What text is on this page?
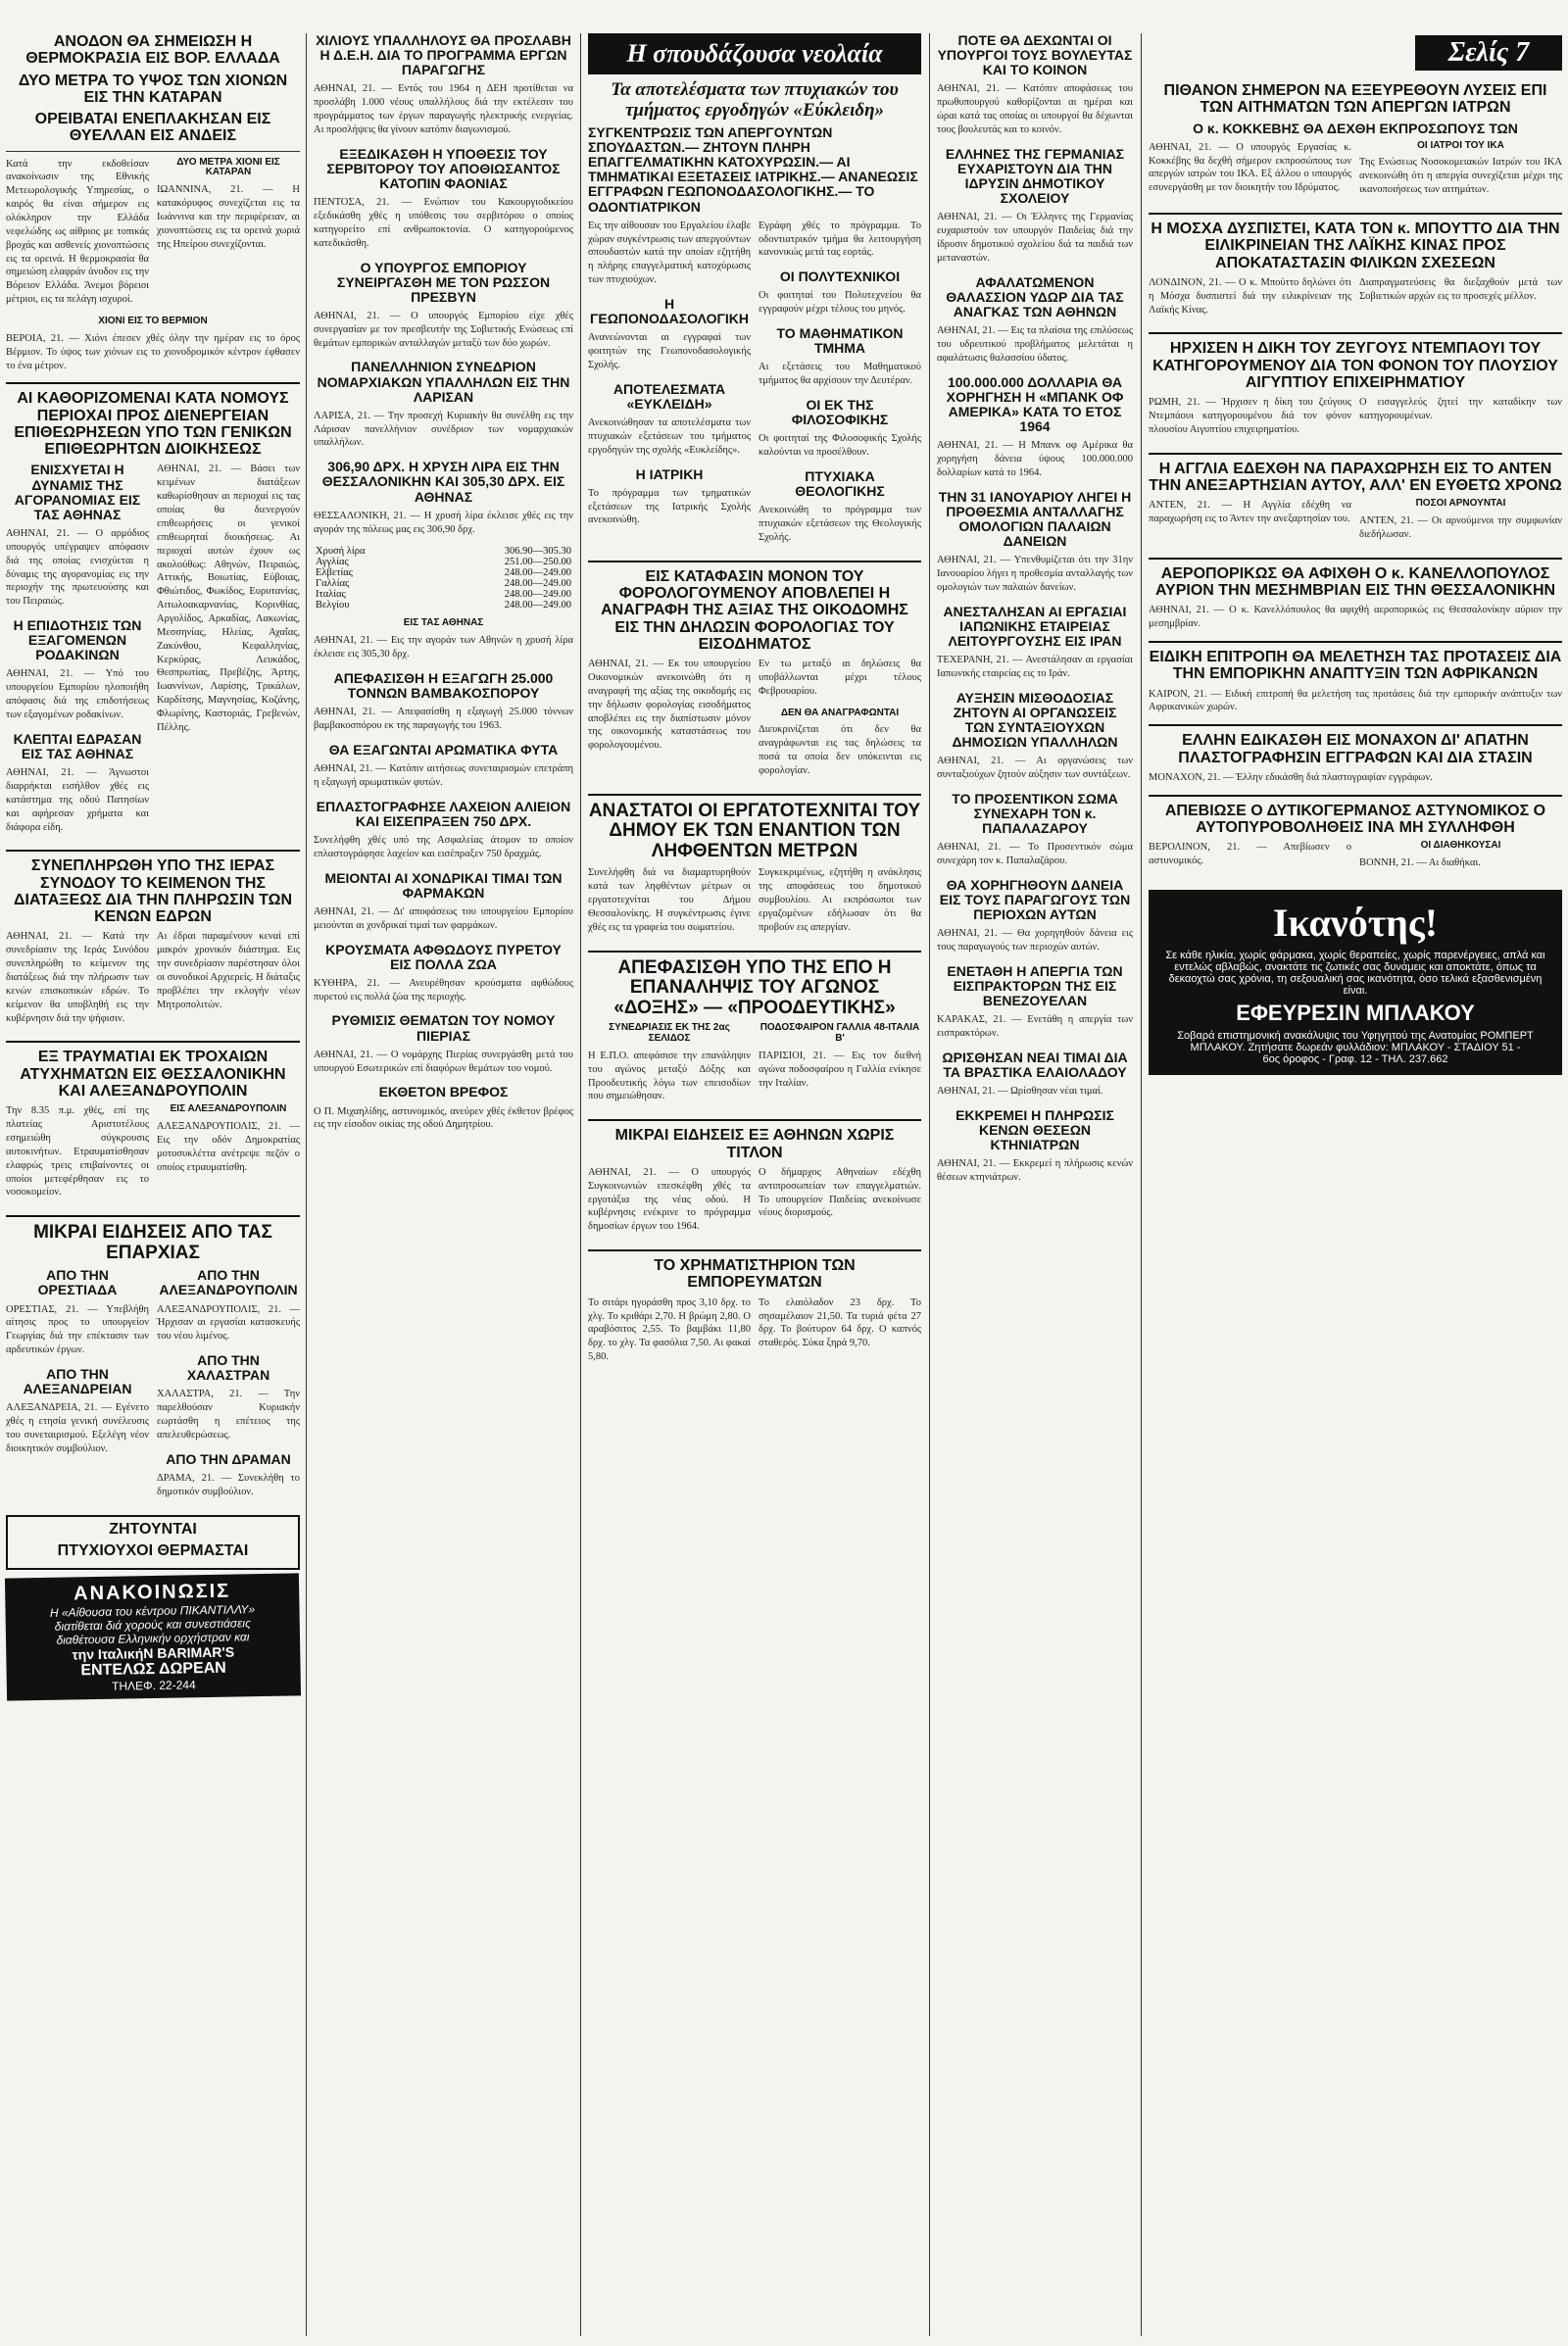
ΑΝΟΔΟΝ ΘΑ ΣΗΜΕΙΩΣΗ Η ΘΕΡΜΟΚΡΑΣΙΑ ΕΙΣ ΒΟΡ. ΕΛΛΑΔΑ
ΔΥΟ ΜΕΤΡΑ ΤΟ ΥΨΟΣ ΤΩΝ ΧΙΟΝΩΝ ΕΙΣ ΤΗΝ ΚΑΤΑΡΑΝ
ΟΡΕΙΒΑΤΑΙ ΕΝΕΠΛΑΚΗΣΑΝ ΕΙΣ ΘΥΕΛΛΑΝ ΕΙΣ ΑΝΔΕΙΣ

Κατά την εκδοθείσαν ανακοίνωσιν της Εθνικής Μετεωρολογικής Υπηρεσίας, ο καιρός θα είναι σήμερον εις ολόκληρον την Ελλάδα νεφελώδης ως αίθριος με τοπικάς βροχάς και ασθενείς χιονοπτώσεις εις τα ορεινά. Η θερμοκρασία θα σημειώση ελαφράν άνοδον εις την Βόρειον Ελλάδα. Άνεμοι βόρειοι μέτριοι, εις τα πελάγη ισχυροί.

ΔΥΟ ΜΕΤΡΑ ΧΙΟΝΙ ΕΙΣ ΚΑΤΑΡΑΝ

ΙΩΑΝΝΙΝΑ, 21. — Η κατακόρυφος συνεχίζεται εις τα Ιωάννινα και την περιφέρειαν, αι χιονοπτώσεις εις τα ορεινά χωριά της Ηπείρου συνεχίζονται.

ΧΙΟΝΙ ΕΙΣ ΤΟ ΒΕΡΜΙΟΝ

ΒΕΡΟΙΑ, 21. — Χιόνι έπεσεν χθές όλην την ημέραν εις το όρος Βέρμιον. Το ύψος των χιόνων εις το χιονοδρομικόν κέντρον έφθασεν το ένα μέτρον.

ΑΙ ΚΑΘΟΡΙΖΟΜΕΝΑΙ ΚΑΤΑ ΝΟΜΟΥΣ ΠΕΡΙΟΧΑΙ ΠΡΟΣ ΔΙΕΝΕΡΓΕΙΑΝ ΕΠΙΘΕΩΡΗΣΕΩΝ ΥΠΟ ΤΩΝ ΓΕΝΙΚΩΝ ΕΠΙΘΕΩΡΗΤΩΝ ΔΙΟΙΚΗΣΕΩΣ
ΕΝΙΣΧΥΕΤΑΙ Η ΔΥΝΑΜΙΣ ΤΗΣ ΑΓΟΡΑΝΟΜΙΑΣ ΕΙΣ ΤΑΣ ΑΘΗΝΑΣ

ΑΘΗΝΑΙ, 21. — Ο αρμόδιος υπουργός υπέγραψεν απόφασιν διά της οποίας ενισχύεται η δύναμις της αγορανομίας εις την περιοχήν της πρωτευούσης και του Πειραιώς.

Η ΕΠΙΔΟΤΗΣΙΣ ΤΩΝ ΕΞΑΓΟΜΕΝΩΝ ΡΟΔΑΚΙΝΩΝ

ΑΘΗΝΑΙ, 21. — Υπό του υπουργείου Εμπορίου ηλοποιήθη απόφασις διά της επιδοτήσεως των εξαγομένων ροδακίνων.

ΚΛΕΠΤΑΙ ΕΔΡΑΣΑΝ ΕΙΣ ΤΑΣ ΑΘΗΝΑΣ

ΑΘΗΝΑΙ, 21. — Άγνωστοι διαρρήκται εισήλθον χθές εις κατάστημα της οδού Πατησίων και αφήρεσαν χρήματα και διάφορα είδη.

ΑΘΗΝΑΙ, 21. — Βάσει των κειμένων διατάξεων καθωρίσθησαν αι περιοχαί εις τας οποίας θα διενεργούν επιθεωρήσεις οι γενικοί επιθεωρηταί διοικήσεως. Αι περιοχαί αυτών έχουν ως ακολούθως: Αθηνών, Πειραιώς, Αττικής, Βοιωτίας, Εύβοιας, Φθιώτιδος, Φωκίδος, Ευρυτανίας, Αιτωλοακαρνανίας, Κορινθίας, Αργολίδος, Αρκαδίας, Λακωνίας, Μεσσηνίας, Ηλείας, Αχαΐας, Ζακύνθου, Κεφαλληνίας, Κερκύρας, Λευκάδος, Θεσπρωτίας, Πρεβέζης, Άρτης, Ιωαννίνων, Λαρίσης, Τρικάλων, Καρδίτσης, Μαγνησίας, Κοζάνης, Φλωρίνης, Καστοριάς, Γρεβενών, Πέλλης.

ΣΥΝΕΠΛΗΡΩΘΗ ΥΠΟ ΤΗΣ ΙΕΡΑΣ ΣΥΝΟΔΟΥ ΤΟ ΚΕΙΜΕΝΟΝ ΤΗΣ ΔΙΑΤΑΞΕΩΣ ΔΙΑ ΤΗΝ ΠΛΗΡΩΣΙΝ ΤΩΝ ΚΕΝΩΝ ΕΔΡΩΝ

ΑΘΗΝΑΙ, 21. — Κατά την συνεδρίασιν της Ιεράς Συνόδου συνεπληρώθη το κείμενον της διατάξεως διά την πλήρωσιν των κενών επισκοπικών εδρών. Το κείμενον θα υποβληθή εις την κυβέρνησιν διά την ψήφισιν.

Αι έδραι παραμένουν κεναί επί μακρόν χρονικόν διάστημα. Εις την συνεδρίασιν παρέστησαν όλοι οι συνοδικοί Αρχιερείς. Η διάταξις προβλέπει την εκλογήν νέων Μητροπολιτών.

ΕΞ ΤΡΑΥΜΑΤΙΑΙ ΕΚ ΤΡΟΧΑΙΩΝ ΑΤΥΧΗΜΑΤΩΝ ΕΙΣ ΘΕΣΣΑΛΟΝΙΚΗΝ ΚΑΙ ΑΛΕΞΑΝΔΡΟΥΠΟΛΙΝ

Την 8.35 π.μ. χθές, επί της πλατείας Αριστοτέλους εσημειώθη σύγκρουσις αυτοκινήτων. Ετραυματίσθησαν ελαφρώς τρεις επιβαίνοντες οι οποίοι μετεφέρθησαν εις το νοσοκομείον.

ΕΙΣ ΑΛΕΞΑΝΔΡΟΥΠΟΛΙΝ

ΑΛΕΞΑΝΔΡΟΥΠΟΛΙΣ, 21. — Εις την οδόν Δημοκρατίας μοτοσυκλέττα ανέτρεψε πεζόν ο οποίος ετραυματίσθη.

ΜΙΚΡΑΙ ΕΙΔΗΣΕΙΣ ΑΠΟ ΤΑΣ ΕΠΑΡΧΙΑΣ
ΑΠΟ ΤΗΝ ΟΡΕΣΤΙΑΔΑ

ΟΡΕΣΤΙΑΣ, 21. — Υπεβλήθη αίτησις προς το υπουργείον Γεωργίας διά την επέκτασιν των αρδευτικών έργων.

ΑΠΟ ΤΗΝ ΑΛΕΞΑΝΔΡΕΙΑΝ

ΑΛΕΞΑΝΔΡΕΙΑ, 21. — Εγένετο χθές η ετησία γενική συνέλευσις του συνεταιρισμού. Εξελέγη νέον διοικητικόν συμβούλιον.

ΑΠΟ ΤΗΝ ΑΛΕΞΑΝΔΡΟΥΠΟΛΙΝ

ΑΛΕΞΑΝΔΡΟΥΠΟΛΙΣ, 21. — Ήρχισαν αι εργασίαι κατασκευής του νέου λιμένος.

ΑΠΟ ΤΗΝ ΧΑΛΑΣΤΡΑΝ

ΧΑΛΑΣΤΡΑ, 21. — Την παρελθούσαν Κυριακήν εωρτάσθη η επέτειος της απελευθερώσεως.

ΑΠΟ ΤΗΝ ΔΡΑΜΑΝ

ΔΡΑΜΑ, 21. — Συνεκλήθη το δημοτικόν συμβούλιον.

ΖΗΤΟΥΝΤΑΙ
ΠΤΥΧΙΟΥΧΟΙ ΘΕΡΜΑΣΤΑΙ
ΑΝΑΚΟΙΝΩΣΙΣ
Η «Αίθουσα του κέντρου ΠΙΚΑΝΤΙΛΛΥ»
διατίθεται διά χορούς και συνεστιάσεις
διαθέτουσα Ελληνικήν ορχήστραν και
την ΙταλικήΝ BARIMAR'S
ΕΝΤΕΛΩΣ ΔΩΡΕΑΝ
ΤΗΛΕΦ. 22-244
ΧΙΛΙΟΥΣ ΥΠΑΛΛΗΛΟΥΣ ΘΑ ΠΡΟΣΛΑΒΗ Η Δ.Ε.Η. ΔΙΑ ΤΟ ΠΡΟΓΡΑΜΜΑ ΕΡΓΩΝ ΠΑΡΑΓΩΓΗΣ

ΑΘΗΝΑΙ, 21. — Εντός του 1964 η ΔΕΗ προτίθεται να προσλάβη 1.000 νέους υπαλλήλους διά την εκτέλεσιν του προγράμματος των έργων παραγωγής ηλεκτρικής ενεργείας. Αι προσλήψεις θα γίνουν κατόπιν διαγωνισμού.

ΕΞΕΔΙΚΑΣΘΗ Η ΥΠΟΘΕΣΙΣ ΤΟΥ ΣΕΡΒΙΤΟΡΟΥ ΤΟΥ ΑΠΟΘΙΩΣΑΝΤΟΣ ΚΑΤΟΠΙΝ ΦΑΟΝΙΑΣ

ΠΕΝΤΟΣΑ, 21. — Ενώπιον του Κακουργιοδικείου εξεδικάσθη χθές η υπόθεσις του σερβιτόρου ο οποίος κατηγορείτο επί ανθρωποκτονία. Ο κατηγορούμενος κατεδικάσθη.

Ο ΥΠΟΥΡΓΟΣ ΕΜΠΟΡΙΟΥ ΣΥΝΕΙΡΓΑΣΘΗ ΜΕ ΤΟΝ ΡΩΣΣΟΝ ΠΡΕΣΒΥΝ

ΑΘΗΝΑΙ, 21. — Ο υπουργός Εμπορίου είχε χθές συνεργασίαν με τον πρεσβευτήν της Σοβιετικής Ενώσεως επί θεμάτων εμπορικών ανταλλαγών μεταξύ των δύο χωρών.

ΠΑΝΕΛΛΗΝΙΟΝ ΣΥΝΕΔΡΙΟΝ ΝΟΜΑΡΧΙΑΚΩΝ ΥΠΑΛΛΗΛΩΝ ΕΙΣ ΤΗΝ ΛΑΡΙΣΑΝ

ΛΑΡΙΣΑ, 21. — Την προσεχή Κυριακήν θα συνέλθη εις την Λάρισαν πανελλήνιον συνέδριον των νομαρχιακών υπαλλήλων.

306,90 ΔΡΧ. Η ΧΡΥΣΗ ΛΙΡΑ ΕΙΣ ΤΗΝ ΘΕΣΣΑΛΟΝΙΚΗΝ ΚΑΙ 305,30 ΔΡΧ. ΕΙΣ ΑΘΗΝΑΣ

ΘΕΣΣΑΛΟΝΙΚΗ, 21. — Η χρυσή λίρα έκλεισε χθές εις την αγοράν της πόλεως μας εις 306,90 δρχ.

Χρυσή λίρα	306.90—305.30
Αγγλίας	251.00—250.00
Ελβετίας	248.00—249.00
Γαλλίας	248.00—249.00
Ιταλίας	248.00—249.00
Βελγίου	248.00—249.00
ΕΙΣ ΤΑΣ ΑΘΗΝΑΣ

ΑΘΗΝΑΙ, 21. — Εις την αγοράν των Αθηνών η χρυσή λίρα έκλεισε εις 305,30 δρχ.

ΑΠΕΦΑΣΙΣΘΗ Η ΕΞΑΓΩΓΗ 25.000 ΤΟΝΝΩΝ ΒΑΜΒΑΚΟΣΠΟΡΟΥ

ΑΘΗΝΑΙ, 21. — Απεφασίσθη η εξαγωγή 25.000 τόννων βαμβακοσπόρου εκ της παραγωγής του 1963.

ΘΑ ΕΞΑΓΩΝΤΑΙ ΑΡΩΜΑΤΙΚΑ ΦΥΤΑ

ΑΘΗΝΑΙ, 21. — Κατόπιν αιτήσεως συνεταιρισμών επετράπη η εξαγωγή αρωματικών φυτών.

ΕΠΛΑΣΤΟΓΡΑΦΗΣΕ ΛΑΧΕΙΟΝ ΑΛΙΕΙΟΝ ΚΑΙ ΕΙΣΕΠΡΑΞΕΝ 750 ΔΡΧ.

Συνελήφθη χθές υπό της Ασφαλείας άτομον το οποίον επλαστογράφησε λαχείον και εισέπραξεν 750 δραχμάς.

ΜΕΙΟΝΤΑΙ ΑΙ ΧΟΝΔΡΙΚΑΙ ΤΙΜΑΙ ΤΩΝ ΦΑΡΜΑΚΩΝ

ΑΘΗΝΑΙ, 21. — Δι' αποφάσεως του υπουργείου Εμπορίου μειούνται αι χονδρικαί τιμαί των φαρμάκων.

ΚΡΟΥΣΜΑΤΑ ΑΦΘΩΔΟΥΣ ΠΥΡΕΤΟΥ ΕΙΣ ΠΟΛΛΑ ΖΩΑ

ΚΥΘΗΡΑ, 21. — Ανευρέθησαν κρούσματα αφθώδους πυρετού εις πολλά ζώα της περιοχής.

ΡΥΘΜΙΣΙΣ ΘΕΜΑΤΩΝ ΤΟΥ ΝΟΜΟΥ ΠΙΕΡΙΑΣ

ΑΘΗΝΑΙ, 21. — Ο νομάρχης Πιερίας συνεργάσθη μετά του υπουργού Εσωτερικών επί διαφόρων θεμάτων του νομού.

ΕΚΘΕΤΟΝ ΒΡΕΦΟΣ

Ο Π. Μιχαηλίδης, αστυνομικός, ανεύρεν χθές έκθετον βρέφος εις την είσοδον οικίας της οδού Δημητρίου.

Η σπουδάζουσα νεολαία
Τα αποτελέσματα των πτυχιακών του τμήματος εργοδηγών «Εύκλειδη»
ΣΥΓΚΕΝΤΡΩΣΙΣ ΤΩΝ ΑΠΕΡΓΟΥΝΤΩΝ ΣΠΟΥΔΑΣΤΩΝ.— ΖΗΤΟΥΝ ΠΛΗΡΗ ΕΠΑΓΓΕΛΜΑΤΙΚΗΝ ΚΑΤΟΧΥΡΩΣΙΝ.— ΑΙ ΤΜΗΜΑΤΙΚΑΙ ΕΞΕΤΑΣΕΙΣ ΙΑΤΡΙΚΗΣ.— ΑΝΑΝΕΩΣΙΣ ΕΓΓΡΑΦΩΝ ΓΕΩΠΟΝΟΔΑΣΟΛΟΓΙΚΗΣ.— ΤΟ ΟΔΟΝΤΙΑΤΡΙΚΟΝ

Εις την αίθουσαν του Εργαλείου έλαβε χώραν συγκέντρωσις των απεργούντων σπουδαστών κατά την οποίαν εζητήθη η πλήρης επαγγελματική κατοχύρωσις των πτυχιούχων.

Η ΓΕΩΠΟΝΟΔΑΣΟΛΟΓΙΚΗ

Ανανεώνονται αι εγγραφαί των φοιτητών της Γεωπονοδασολογικής Σχολής.

ΑΠΟΤΕΛΕΣΜΑΤΑ «ΕΥΚΛΕΙΔΗ»

Ανεκοινώθησαν τα αποτελέσματα των πτυχιακών εξετάσεων του τμήματος εργοδηγών της σχολής «Ευκλείδης».

Η ΙΑΤΡΙΚΗ

Το πρόγραμμα των τμηματικών εξετάσεων της Ιατρικής Σχολής ανεκοινώθη.

Εγράφη χθές το πρόγραμμα. Το οδοντιατρικόν τμήμα θα λειτουργήση κανονικώς μετά τας εορτάς.

ΟΙ ΠΟΛΥΤΕΧΝΙΚΟΙ

Οι φοιτηταί του Πολυτεχνείου θα εγγραφούν μέχρι τέλους του μηνός.

ΤΟ ΜΑΘΗΜΑΤΙΚΟΝ ΤΜΗΜΑ

Αι εξετάσεις του Μαθηματικού τμήματος θα αρχίσουν την Δευτέραν.

ΟΙ ΕΚ ΤΗΣ ΦΙΛΟΣΟΦΙΚΗΣ

Οι φοιτηταί της Φιλοσοφικής Σχολής καλούνται να προσέλθουν.

ΠΤΥΧΙΑΚΑ ΘΕΟΛΟΓΙΚΗΣ

Ανεκοινώθη το πρόγραμμα των πτυχιακών εξετάσεων της Θεολογικής Σχολής.

ΕΙΣ ΚΑΤΑΦΑΣΙΝ ΜΟΝΟΝ ΤΟΥ ΦΟΡΟΛΟΓΟΥΜΕΝΟΥ ΑΠΟΒΛΕΠΕΙ Η ΑΝΑΓΡΑΦΗ ΤΗΣ ΑΞΙΑΣ ΤΗΣ ΟΙΚΟΔΟΜΗΣ ΕΙΣ ΤΗΝ ΔΗΛΩΣΙΝ ΦΟΡΟΛΟΓΙΑΣ ΤΟΥ ΕΙΣΟΔΗΜΑΤΟΣ

ΑΘΗΝΑΙ, 21. — Εκ του υπουργείου Οικονομικών ανεκοινώθη ότι η αναγραφή της αξίας της οικοδομής εις την δήλωσιν φορολογίας εισοδήματος αποβλέπει εις την διαπίστωσιν μόνον της οικονομικής καταστάσεως του φορολογουμένου.

Εν τω μεταξύ αι δηλώσεις θα υποβάλλωνται μέχρι τέλους Φεβρουαρίου.

ΔΕΝ ΘΑ ΑΝΑΓΡΑΦΩΝΤΑΙ

Διευκρινίζεται ότι δεν θα αναγράφωνται εις τας δηλώσεις τα ποσά τα οποία δεν υπόκεινται εις φορολογίαν.

ΑΝΑΣΤΑΤΟΙ ΟΙ ΕΡΓΑΤΟΤΕΧΝΙΤΑΙ ΤΟΥ ΔΗΜΟΥ ΕΚ ΤΩΝ ΕΝΑΝΤΙΟΝ ΤΩΝ ΛΗΦΘΕΝΤΩΝ ΜΕΤΡΩΝ

Συνελήφθη διά να διαμαρτυρηθούν κατά των ληφθέντων μέτρων οι εργατοτεχνίται του Δήμου Θεσσαλονίκης. Η συγκέντρωσις έγινε χθές εις τα γραφεία του σωματείου.

Συγκεκριμένως, εζητήθη η ανάκλησις της αποφάσεως του δημοτικού συμβουλίου. Αι εκπρόσωποι των εργαζομένων εδήλωσαν ότι θα προβούν εις απεργίαν.

ΑΠΕΦΑΣΙΣΘΗ ΥΠΟ ΤΗΣ ΕΠΟ Η ΕΠΑΝΑΛΗΨΙΣ ΤΟΥ ΑΓΩΝΟΣ «ΔΟΞΗΣ» — «ΠΡΟΟΔΕΥΤΙΚΗΣ»
ΣΥΝΕΔΡΙΑΣΙΣ ΕΚ ΤΗΣ 2ας ΣΕΛΙΔΟΣ

Η Ε.Π.Ο. απεφάσισε την επανάληψιν του αγώνος μεταξύ Δόξης και Προοδευτικής λόγω των επεισοδίων που σημειώθησαν.

ΠΟΔΟΣΦΑΙΡΟΝ ΓΑΛΛΙΑ 48-ΙΤΑΛΙΑ Β'

ΠΑΡΙΣΙΟΙ, 21. — Εις τον διεθνή αγώνα ποδοσφαίρου η Γαλλία ενίκησε την Ιταλίαν.

ΜΙΚΡΑΙ ΕΙΔΗΣΕΙΣ ΕΞ ΑΘΗΝΩΝ ΧΩΡΙΣ ΤΙΤΛΟΝ

ΑΘΗΝΑΙ, 21. — Ο υπουργός Συγκοινωνιών επεσκέφθη χθές τα εργοτάξια της νέας οδού. Η κυβέρνησις ενέκρινε το πρόγραμμα δημοσίων έργων του 1964.

Ο δήμαρχος Αθηναίων εδέχθη αντιπροσωπείαν των επαγγελματιών. Το υπουργείον Παιδείας ανεκοίνωσε νέους διορισμούς.

ΤΟ ΧΡΗΜΑΤΙΣΤΗΡΙΟΝ ΤΩΝ ΕΜΠΟΡΕΥΜΑΤΩΝ

Το σιτάρι ηγοράσθη προς 3,10 δρχ. το χλγ. Το κριθάρι 2,70. Η βρώμη 2,80. Ο αραβόσιτος 2,55. Το βαμβάκι 11,80 δρχ. το χλγ. Τα φασόλια 7,50. Αι φακαί 5,80.

Το ελαιόλαδον 23 δρχ. Το σησαμέλαιον 21,50. Τα τυριά φέτα 27 δρχ. Το βούτυρον 64 δρχ. Ο καπνός σταθερός. Σύκα ξηρά 9,70.

ΠΟΤΕ ΘΑ ΔΕΧΩΝΤΑΙ ΟΙ ΥΠΟΥΡΓΟΙ ΤΟΥΣ ΒΟΥΛΕΥΤΑΣ ΚΑΙ ΤΟ ΚΟΙΝΟΝ

ΑΘΗΝΑΙ, 21. — Κατόπιν αποφάσεως του πρωθυπουργού καθορίζονται αι ημέραι και ώραι κατά τας οποίας οι υπουργοί θα δέχωνται τους βουλευτάς και το κοινόν.

ΕΛΛΗΝΕΣ ΤΗΣ ΓΕΡΜΑΝΙΑΣ ΕΥΧΑΡΙΣΤΟΥΝ ΔΙΑ ΤΗΝ ΙΔΡΥΣΙΝ ΔΗΜΟΤΙΚΟΥ ΣΧΟΛΕΙΟΥ

ΑΘΗΝΑΙ, 21. — Οι Έλληνες της Γερμανίας ευχαριστούν τον υπουργόν Παιδείας διά την ίδρυσιν δημοτικού σχολείου διά τα παιδιά των μεταναστών.

ΑΦΑΛΑΤΩΜΕΝΟΝ ΘΑΛΑΣΣΙΟΝ ΥΔΩΡ ΔΙΑ ΤΑΣ ΑΝΑΓΚΑΣ ΤΩΝ ΑΘΗΝΩΝ

ΑΘΗΝΑΙ, 21. — Εις τα πλαίσια της επιλύσεως του υδρευτικού προβλήματος μελετάται η αφαλάτωσις θαλασσίου ύδατος.

100.000.000 ΔΟΛΛΑΡΙΑ ΘΑ ΧΟΡΗΓΗΣΗ Η «ΜΠΑΝΚ ΟΦ ΑΜΕΡΙΚΑ» ΚΑΤΑ ΤΟ ΕΤΟΣ 1964

ΑΘΗΝΑΙ, 21. — Η Μπανκ οφ Αμέρικα θα χορηγήση δάνεια ύψους 100.000.000 δολλαρίων κατά το 1964.

ΤΗΝ 31 ΙΑΝΟΥΑΡΙΟΥ ΛΗΓΕΙ Η ΠΡΟΘΕΣΜΙΑ ΑΝΤΑΛΛΑΓΗΣ ΟΜΟΛΟΓΙΩΝ ΠΑΛΑΙΩΝ ΔΑΝΕΙΩΝ

ΑΘΗΝΑΙ, 21. — Υπενθυμίζεται ότι την 31ην Ιανουαρίου λήγει η προθεσμία ανταλλαγής των ομολογιών των παλαιών δανείων.

ΑΝΕΣΤΑΛΗΣΑΝ ΑΙ ΕΡΓΑΣΙΑΙ ΙΑΠΩΝΙΚΗΣ ΕΤΑΙΡΕΙΑΣ ΛΕΙΤΟΥΡΓΟΥΣΗΣ ΕΙΣ ΙΡΑΝ

ΤΕΧΕΡΑΝΗ, 21. — Ανεστάλησαν αι εργασίαι Ιαπωνικής εταιρείας εις το Ιράν.

ΑΥΞΗΣΙΝ ΜΙΣΘΟΔΟΣΙΑΣ ΖΗΤΟΥΝ ΑΙ ΟΡΓΑΝΩΣΕΙΣ ΤΩΝ ΣΥΝΤΑΞΙΟΥΧΩΝ ΔΗΜΟΣΙΩΝ ΥΠΑΛΛΗΛΩΝ

ΑΘΗΝΑΙ, 21. — Αι οργανώσεις των συνταξιούχων ζητούν αύξησιν των συντάξεων.

ΤΟ ΠΡΟΣΕΝΤΙΚΟΝ ΣΩΜΑ ΣΥΝΕΧΑΡΗ ΤΟΝ κ. ΠΑΠΑΛΑΖΑΡΟΥ

ΑΘΗΝΑΙ, 21. — Το Προσεντικόν σώμα συνεχάρη τον κ. Παπαλαζάρου.

ΘΑ ΧΟΡΗΓΗΘΟΥΝ ΔΑΝΕΙΑ ΕΙΣ ΤΟΥΣ ΠΑΡΑΓΩΓΟΥΣ ΤΩΝ ΠΕΡΙΟΧΩΝ ΑΥΤΩΝ

ΑΘΗΝΑΙ, 21. — Θα χορηγηθούν δάνεια εις τους παραγωγούς των περιοχών αυτών.

ΕΝΕΤΑΘΗ Η ΑΠΕΡΓΙΑ ΤΩΝ ΕΙΣΠΡΑΚΤΟΡΩΝ ΤΗΣ ΕΙΣ ΒΕΝΕΖΟΥΕΛΑΝ

ΚΑΡΑΚΑΣ, 21. — Ενετάθη η απεργία των εισπρακτόρων.

ΩΡΙΣΘΗΣΑΝ ΝΕΑΙ ΤΙΜΑΙ ΔΙΑ ΤΑ ΒΡΑΣΤΙΚΑ ΕΛΑΙΟΛΑΔΟΥ

ΑΘΗΝΑΙ, 21. — Ωρίσθησαν νέαι τιμαί.

ΕΚΚΡΕΜΕΙ Η ΠΛΗΡΩΣΙΣ ΚΕΝΩΝ ΘΕΣΕΩΝ ΚΤΗΝΙΑΤΡΩΝ

ΑΘΗΝΑΙ, 21. — Εκκρεμεί η πλήρωσις κενών θέσεων κτηνιάτρων.

Σελίς 7
ΠΙΘΑΝΟΝ ΣΗΜΕΡΟΝ ΝΑ ΕΞΕΥΡΕΘΟΥΝ ΛΥΣΕΙΣ ΕΠΙ ΤΩΝ ΑΙΤΗΜΑΤΩΝ ΤΩΝ ΑΠΕΡΓΩΝ ΙΑΤΡΩΝ
Ο κ. ΚΟΚΚΕΒΗΣ ΘΑ ΔΕΧΘΗ ΕΚΠΡΟΣΩΠΟΥΣ ΤΩΝ

ΑΘΗΝΑΙ, 21. — Ο υπουργός Εργασίας κ. Κοκκέβης θα δεχθή σήμερον εκπροσώπους των απεργών ιατρών του ΙΚΑ. Εξ άλλου ο υπουργός εσυνεργάσθη με τον διοικητήν του Ιδρύματος.

ΟΙ ΙΑΤΡΟΙ ΤΟΥ ΙΚΑ

Της Ενώσεως Νοσοκομειακών Ιατρών του ΙΚΑ ανεκοινώθη ότι η απεργία συνεχίζεται μέχρι της ικανοποιήσεως των αιτημάτων.

Η ΜΟΣΧΑ ΔΥΣΠΙΣΤΕΙ, ΚΑΤΑ ΤΟΝ κ. ΜΠΟΥΤΤΟ ΔΙΑ ΤΗΝ ΕΙΛΙΚΡΙΝΕΙΑΝ ΤΗΣ ΛΑΪΚΗΣ ΚΙΝΑΣ ΠΡΟΣ ΑΠΟΚΑΤΑΣΤΑΣΙΝ ΦΙΛΙΚΩΝ ΣΧΕΣΕΩΝ

ΛΟΝΔΙΝΟΝ, 21. — Ο κ. Μπούττο δηλώνει ότι η Μόσχα δυσπιστεί διά την ειλικρίνειαν της Λαϊκής Κίνας.

Διαπραγματεύσεις θα διεξαχθούν μετά των Σοβιετικών αρχών εις το προσεχές μέλλον.

ΗΡΧΙΣΕΝ Η ΔΙΚΗ ΤΟΥ ΖΕΥΓΟΥΣ ΝΤΕΜΠΑΟΥΙ ΤΟΥ ΚΑΤΗΓΟΡΟΥΜΕΝΟΥ ΔΙΑ ΤΟΝ ΦΟΝΟΝ ΤΟΥ ΠΛΟΥΣΙΟΥ ΑΙΓΥΠΤΙΟΥ ΕΠΙΧΕΙΡΗΜΑΤΙΟΥ

ΡΩΜΗ, 21. — Ήρχισεν η δίκη του ζεύγους Ντεμπάουι κατηγορουμένου διά τον φόνον πλουσίου Αιγυπτίου επιχειρηματίου.

Ο εισαγγελεύς ζητεί την καταδίκην των κατηγορουμένων.

Η ΑΓΓΛΙΑ ΕΔΕΧΘΗ ΝΑ ΠΑΡΑΧΩΡΗΣΗ ΕΙΣ ΤΟ ΑΝΤΕΝ ΤΗΝ ΑΝΕΞΑΡΤΗΣΙΑΝ ΑΥΤΟΥ, ΑΛΛ' ΕΝ ΕΥΘΕΤΩ ΧΡΟΝΩ

ΑΝΤΕΝ, 21. — Η Αγγλία εδέχθη να παραχωρήση εις το Άντεν την ανεξαρτησίαν του.

ΠΟΣΟΙ ΑΡΝΟΥΝΤΑΙ

ΑΝΤΕΝ, 21. — Οι αρνούμενοι την συμφωνίαν διεδήλωσαν.

ΑΕΡΟΠΟΡΙΚΩΣ ΘΑ ΑΦΙΧΘΗ Ο κ. ΚΑΝΕΛΛΟΠΟΥΛΟΣ ΑΥΡΙΟΝ ΤΗΝ ΜΕΣΗΜΒΡΙΑΝ ΕΙΣ ΤΗΝ ΘΕΣΣΑΛΟΝΙΚΗΝ

ΑΘΗΝΑΙ, 21. — Ο κ. Κανελλόπουλος θα αφιχθή αεροπορικώς εις Θεσσαλονίκην αύριον την μεσημβρίαν.

ΕΙΔΙΚΗ ΕΠΙΤΡΟΠΗ ΘΑ ΜΕΛΕΤΗΣΗ ΤΑΣ ΠΡΟΤΑΣΕΙΣ ΔΙΑ ΤΗΝ ΕΜΠΟΡΙΚΗΝ ΑΝΑΠΤΥΞΙΝ ΤΩΝ ΑΦΡΙΚΑΝΩΝ

ΚΑΙΡΟΝ, 21. — Ειδική επιτροπή θα μελετήση τας προτάσεις διά την εμπορικήν ανάπτυξιν των Αφρικανικών χωρών.

ΕΛΛΗΝ ΕΔΙΚΑΣΘΗ ΕΙΣ ΜΟΝΑΧΟΝ ΔΙ' ΑΠΑΤΗΝ ΠΛΑΣΤΟΓΡΑΦΗΣΙΝ ΕΓΓΡΑΦΩΝ ΚΑΙ ΔΙΑ ΣΤΑΣΙΝ

ΜΟΝΑΧΟΝ, 21. — Έλλην εδικάσθη διά πλαστογραφίαν εγγράφων.

ΑΠΕΒΙΩΣΕ Ο ΔΥΤΙΚΟΓΕΡΜΑΝΟΣ ΑΣΤΥΝΟΜΙΚΟΣ Ο ΑΥΤΟΠΥΡΟΒΟΛΗΘΕΙΣ ΙΝΑ ΜΗ ΣΥΛΛΗΦΘΗ

ΒΕΡΟΛΙΝΟΝ, 21. — Απεβίωσεν ο αστυνομικός.

ΟΙ ΔΙΑΘΗΚΟΥΣΑΙ

ΒΟΝΝΗ, 21. — Αι διαθήκαι.

Ικανότης!
Σε κάθε ηλικία, χωρίς φάρμακα, χωρίς θεραπείες, χωρίς παρενέργειες, απλά και εντελώς αβλαβώς, ανακτάτε τις ζωτικές σας δυνάμεις και αποκτάτε, όπως τα δεκαοχτώ σας χρόνια, τη σεξουαλική σας ικανότητα, όσο τελικά εξασθενισμένη είναι.
ΕΦΕΥΡΕΣΙΝ ΜΠΛΑΚΟΥ
Σοβαρά επιστημονική ανακάλυψις του Υφηγητού της Ανατομίας ΡΟΜΠΕΡΤ ΜΠΛΑΚΟΥ. Ζητήσατε δωρεάν φυλλάδιον: ΜΠΛΑΚΟΥ - ΣΤΑΔΙΟΥ 51 -
6ος όροφος - Γραφ. 12 - ΤΗΛ. 237.662
